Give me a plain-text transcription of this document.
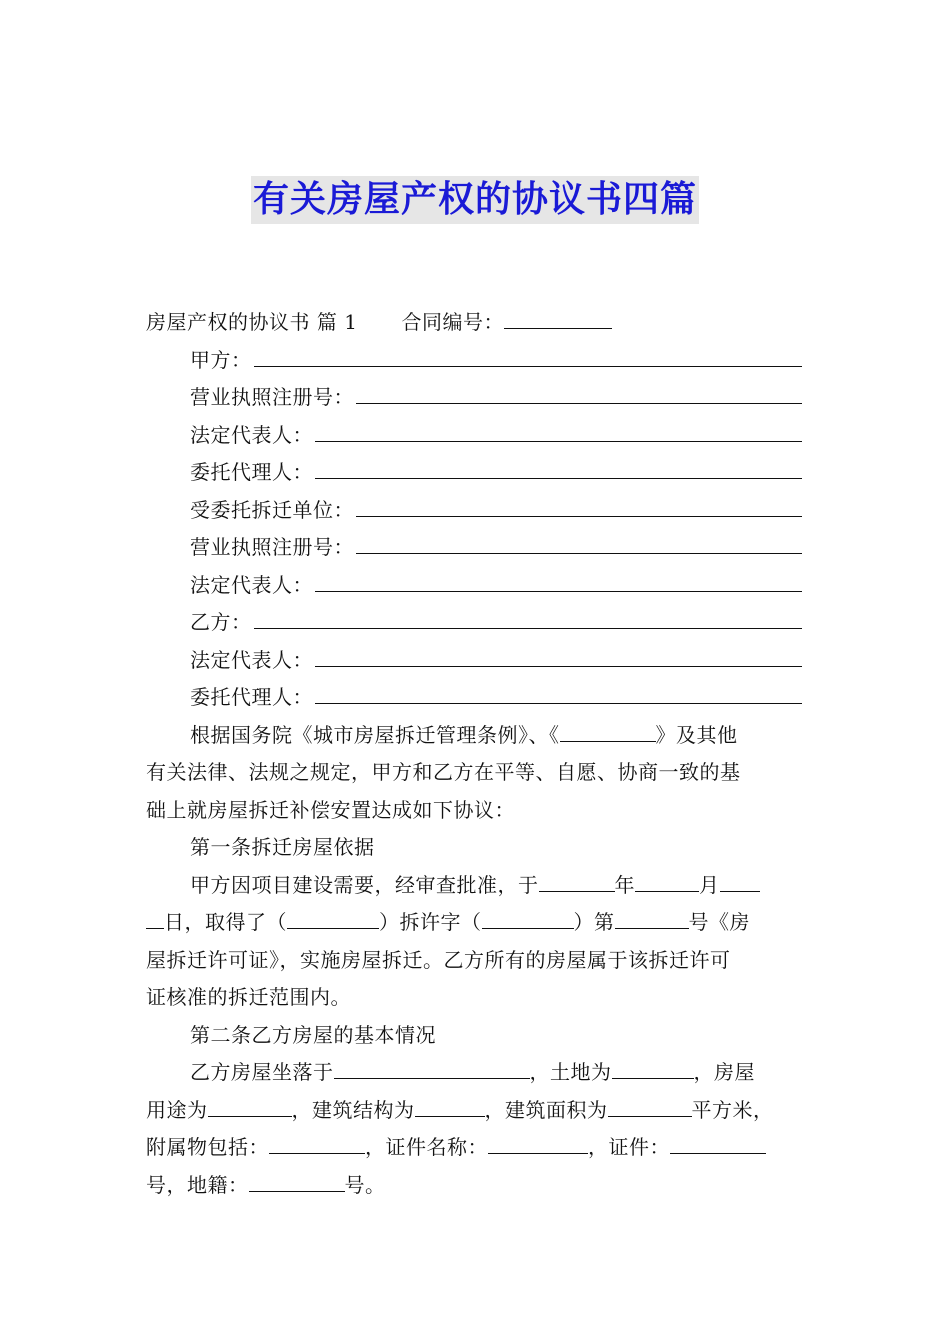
有关房屋产权的协议书四篇
房屋产权的协议书 篇 1 合同编号：
甲方：
营业执照注册号：
法定代表人：
委托代理人：
受委托拆迁单位：
营业执照注册号：
法定代表人：
乙方：
法定代表人：
委托代理人：
根据国务院《城市房屋拆迁管理条例》、《	》及其他
有关法律、法规之规定，甲方和乙方在平等、自愿、协商一致的基
础上就房屋拆迁补偿安置达成如下协议：
第一条拆迁房屋依据
甲方因项目建设需要，经审查批准，于	年	月
日，取得了（	）拆许字（	）第	号《房
屋拆迁许可证》，实施房屋拆迁。乙方所有的房屋属于该拆迁许可
证核准的拆迁范围内。
第二条乙方房屋的基本情况
乙方房屋坐落于	，土地为	，房屋
用途为	，建筑结构为	，建筑面积为	平方米，
附属物包括：	，证件名称：	，证件：
号，地籍：	号。
